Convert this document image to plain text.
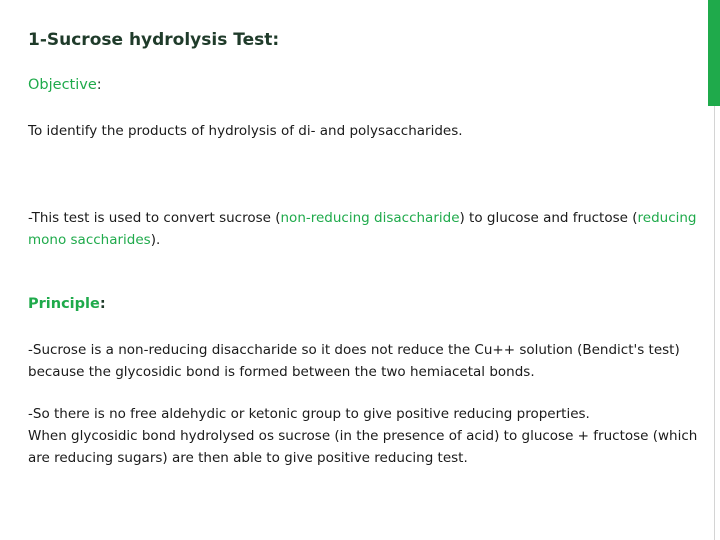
1-Sucrose hydrolysis Test:
Objective:
To identify the products of hydrolysis of di- and polysaccharides.
-This test is used to convert sucrose (non-reducing disaccharide) to glucose and fructose (reducing mono saccharides).
Principle:
-Sucrose is a non-reducing disaccharide so it does not reduce the Cu++ solution (Bendict's test) because the glycosidic bond is formed between the two hemiacetal bonds.
-So there is no free aldehydic or ketonic group to give positive reducing properties.
When glycosidic bond hydrolysed os sucrose (in the presence of acid) to glucose + fructose (which are reducing sugars) are then able to give positive reducing test.
